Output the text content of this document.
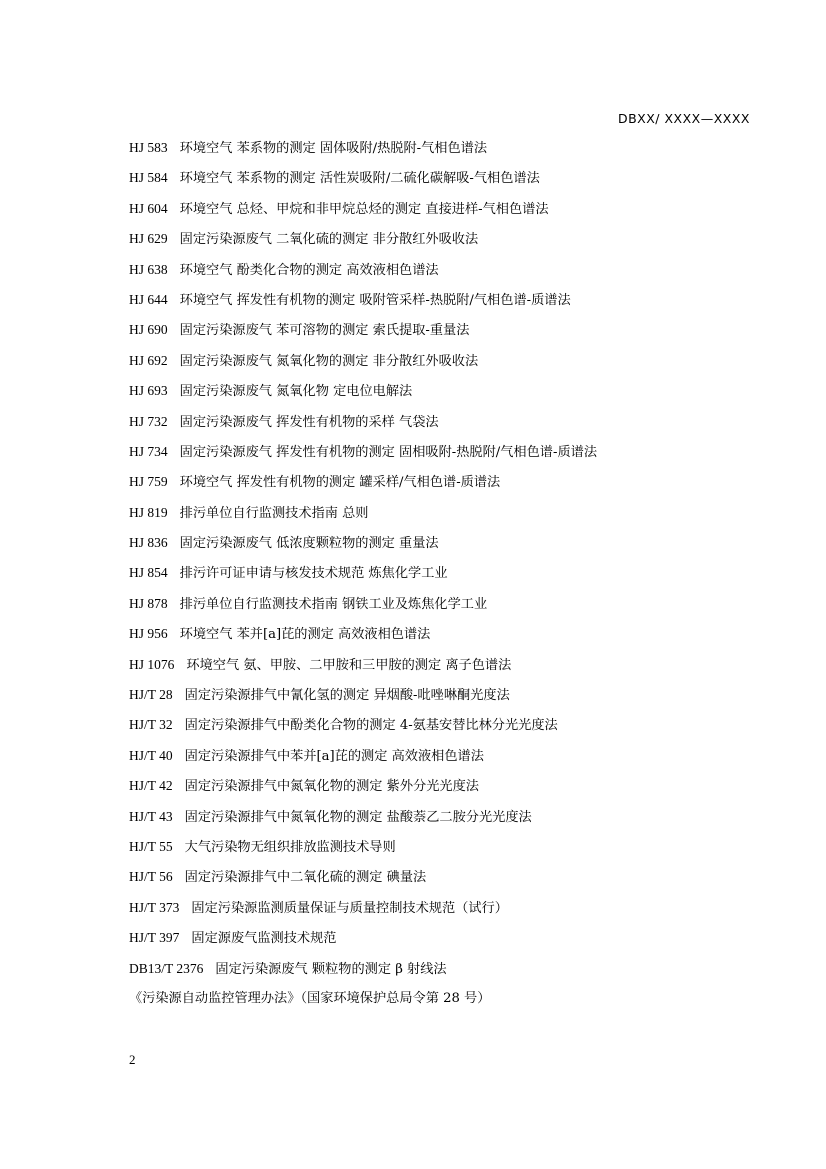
DBXX/ XXXX—XXXX
HJ 583 环境空气 苯系物的测定 固体吸附/热脱附-气相色谱法
HJ 584 环境空气 苯系物的测定 活性炭吸附/二硫化碳解吸-气相色谱法
HJ 604 环境空气 总烃、甲烷和非甲烷总烃的测定 直接进样-气相色谱法
HJ 629 固定污染源废气 二氧化硫的测定 非分散红外吸收法
HJ 638 环境空气 酚类化合物的测定 高效液相色谱法
HJ 644 环境空气 挥发性有机物的测定 吸附管采样-热脱附/气相色谱-质谱法
HJ 690 固定污染源废气 苯可溶物的测定 索氏提取-重量法
HJ 692 固定污染源废气 氮氧化物的测定 非分散红外吸收法
HJ 693 固定污染源废气 氮氧化物 定电位电解法
HJ 732 固定污染源废气 挥发性有机物的采样 气袋法
HJ 734 固定污染源废气 挥发性有机物的测定 固相吸附-热脱附/气相色谱-质谱法
HJ 759 环境空气 挥发性有机物的测定 罐采样/气相色谱-质谱法
HJ 819 排污单位自行监测技术指南 总则
HJ 836 固定污染源废气 低浓度颗粒物的测定 重量法
HJ 854 排污许可证申请与核发技术规范 炼焦化学工业
HJ 878 排污单位自行监测技术指南 钢铁工业及炼焦化学工业
HJ 956 环境空气 苯并[a]芘的测定 高效液相色谱法
HJ 1076 环境空气 氨、甲胺、二甲胺和三甲胺的测定 离子色谱法
HJ/T 28 固定污染源排气中氰化氢的测定 异烟酸-吡唑啉酮光度法
HJ/T 32 固定污染源排气中酚类化合物的测定 4-氨基安替比林分光光度法
HJ/T 40 固定污染源排气中苯并[a]芘的测定 高效液相色谱法
HJ/T 42 固定污染源排气中氮氧化物的测定 紫外分光光度法
HJ/T 43 固定污染源排气中氮氧化物的测定 盐酸萘乙二胺分光光度法
HJ/T 55 大气污染物无组织排放监测技术导则
HJ/T 56 固定污染源排气中二氧化硫的测定 碘量法
HJ/T 373 固定污染源监测质量保证与质量控制技术规范（试行）
HJ/T 397 固定源废气监测技术规范
DB13/T 2376 固定污染源废气 颗粒物的测定 β 射线法
《污染源自动监控管理办法》（国家环境保护总局令第 28 号）
2
